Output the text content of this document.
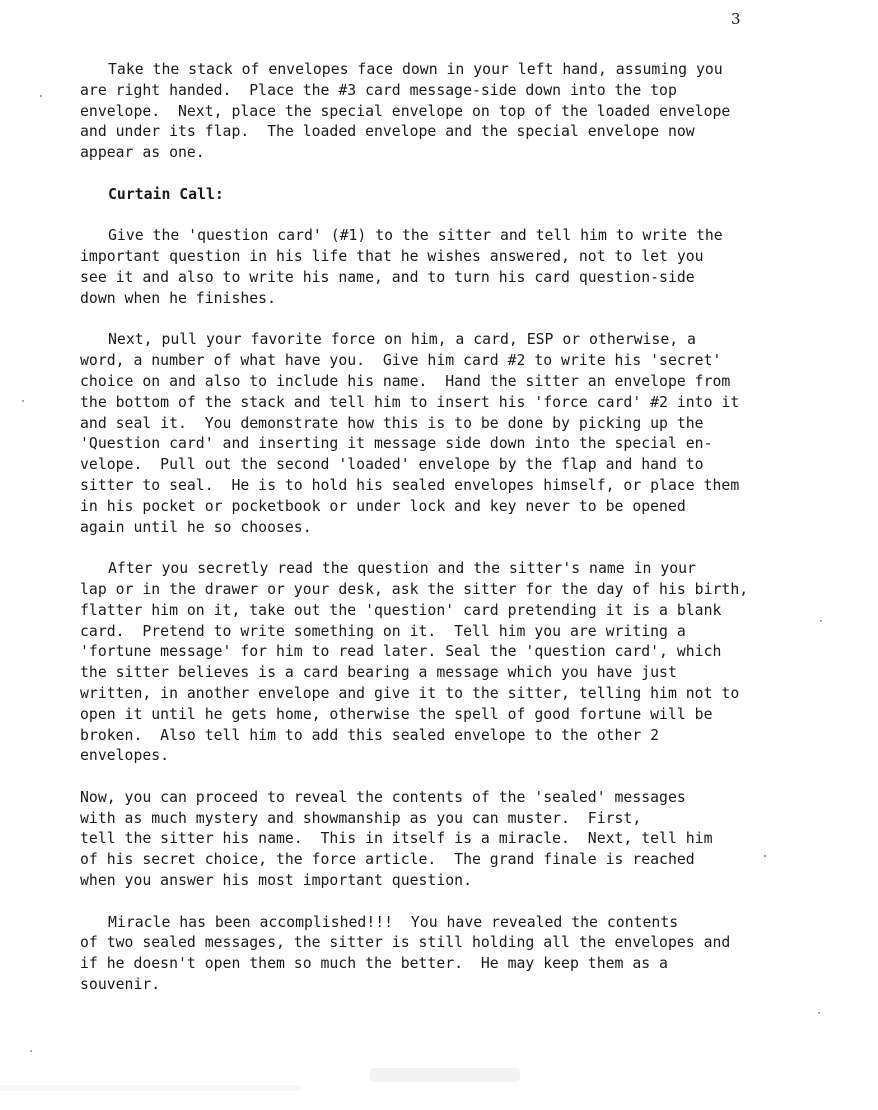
3
Take the stack of envelopes face down in your left hand, assuming you
are right handed.  Place the #3 card message-side down into the top
envelope.  Next, place the special envelope on top of the loaded envelope
and under its flap.  The loaded envelope and the special envelope now
appear as one.
Curtain Call:
Give the 'question card' (#1) to the sitter and tell him to write the
important question in his life that he wishes answered, not to let you
see it and also to write his name, and to turn his card question-side
down when he finishes.
Next, pull your favorite force on him, a card, ESP or otherwise, a
word, a number of what have you.  Give him card #2 to write his 'secret'
choice on and also to include his name.  Hand the sitter an envelope from
the bottom of the stack and tell him to insert his 'force card' #2 into it
and seal it.  You demonstrate how this is to be done by picking up the
'Question card' and inserting it message side down into the special en-
velope.  Pull out the second 'loaded' envelope by the flap and hand to
sitter to seal.  He is to hold his sealed envelopes himself, or place them
in his pocket or pocketbook or under lock and key never to be opened
again until he so chooses.
After you secretly read the question and the sitter's name in your
lap or in the drawer or your desk, ask the sitter for the day of his birth,
flatter him on it, take out the 'question' card pretending it is a blank
card.  Pretend to write something on it.  Tell him you are writing a
'fortune message' for him to read later. Seal the 'question card', which
the sitter believes is a card bearing a message which you have just
written, in another envelope and give it to the sitter, telling him not to
open it until he gets home, otherwise the spell of good fortune will be
broken.  Also tell him to add this sealed envelope to the other 2
envelopes.
Now, you can proceed to reveal the contents of the 'sealed' messages
with as much mystery and showmanship as you can muster.  First,
tell the sitter his name.  This in itself is a miracle.  Next, tell him
of his secret choice, the force article.  The grand finale is reached
when you answer his most important question.
Miracle has been accomplished!!!  You have revealed the contents
of two sealed messages, the sitter is still holding all the envelopes and
if he doesn't open them so much the better.  He may keep them as a
souvenir.
